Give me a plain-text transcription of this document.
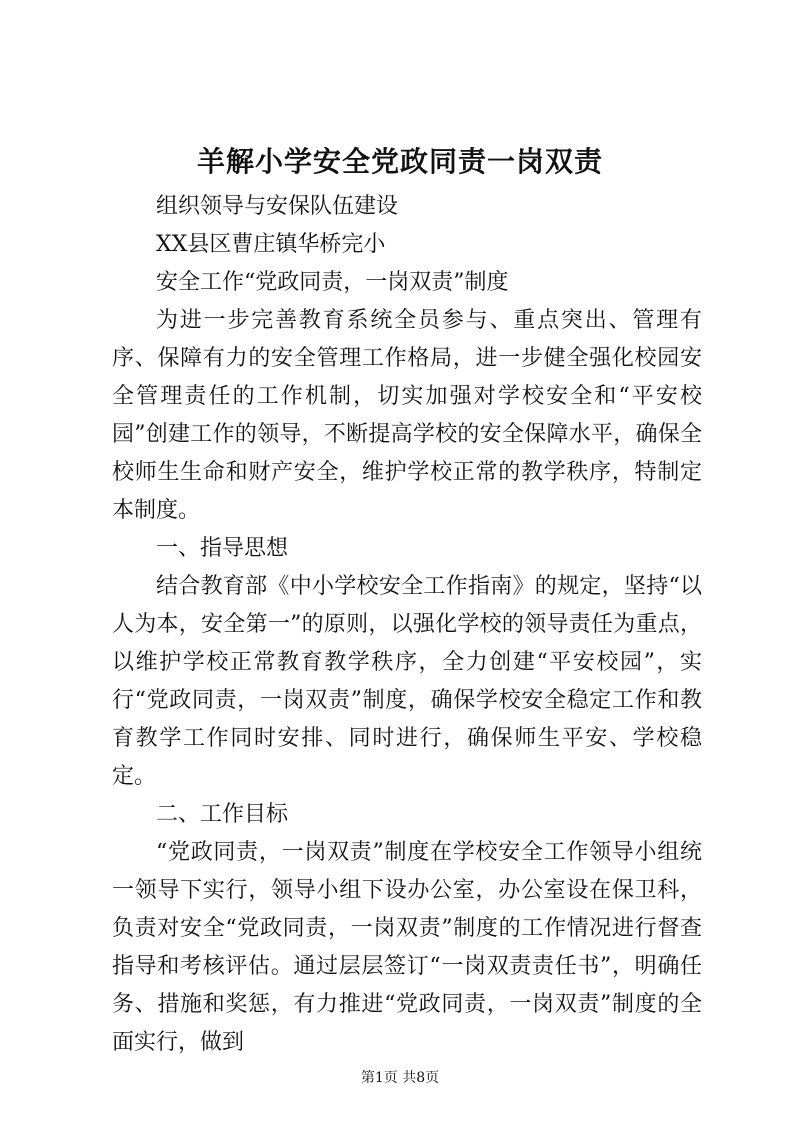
羊解小学安全党政同责一岗双责

组织领导与安保队伍建设

XX县区曹庄镇华桥完小

安全工作“党政同责，一岗双责”制度

为进一步完善教育系统全员参与、重点突出、管理有序、保障有力的安全管理工作格局，进一步健全强化校园安全管理责任的工作机制，切实加强对学校安全和“平安校园”创建工作的领导，不断提高学校的安全保障水平，确保全校师生生命和财产安全，维护学校正常的教学秩序，特制定本制度。

一、指导思想

结合教育部《中小学校安全工作指南》的规定，坚持“以人为本，安全第一”的原则，以强化学校的领导责任为重点，以维护学校正常教育教学秩序，全力创建“平安校园”，实行“党政同责，一岗双责”制度，确保学校安全稳定工作和教育教学工作同时安排、同时进行，确保师生平安、学校稳定。

二、工作目标

“党政同责，一岗双责”制度在学校安全工作领导小组统一领导下实行，领导小组下设办公室，办公室设在保卫科，负责对安全“党政同责，一岗双责”制度的工作情况进行督查指导和考核评估。通过层层签订“一岗双责责任书”，明确任务、措施和奖惩，有力推进“党政同责，一岗双责”制度的全面实行，做到

第1页 共8页
